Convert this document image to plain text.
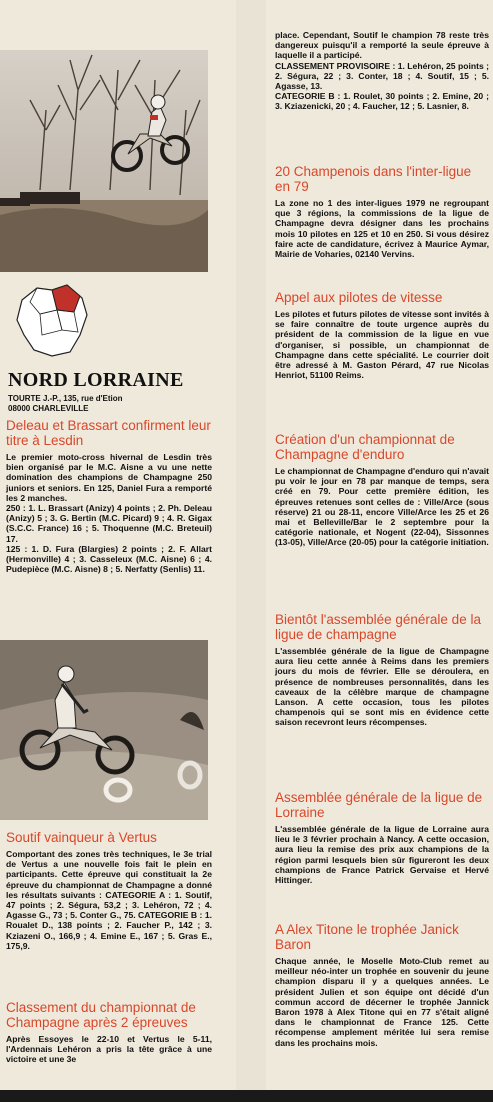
NORD LORRAINE
TOURTE J.-P., 135, rue d'Etion
08000 CHARLEVILLE
Deleau et Brassart confirment leur titre à Lesdin

Le premier moto-cross hivernal de Lesdin très bien organisé par le M.C. Aisne a vu une nette domination des champions de Champagne 250 juniors et seniors. En 125, Daniel Fura a remporté les 2 manches.

250 : 1. L. Brassart (Anizy) 4 points ; 2. Ph. Deleau (Anizy) 5 ; 3. G. Bertin (M.C. Picard) 9 ; 4. R. Gigax (S.C.C. France) 16 ; 5. Thoquenne (M.C. Breteuil) 17.

125 : 1. D. Fura (Blargies) 2 points ; 2. F. Allart (Hermonville) 4 ; 3. Casseleux (M.C. Aisne) 6 ; 4. Pudepièce (M.C. Aisne) 8 ; 5. Nerfatty (Senlis) 11.

Soutif vainqueur à Vertus

Comportant des zones très techniques, le 3e trial de Vertus a une nouvelle fois fait le plein en participants. Cette épreuve qui constituait la 2e épreuve du championnat de Champagne a donné les résultats suivants : CATEGORIE A : 1. Soutif, 47 points ; 2. Ségura, 53,2 ; 3. Lehéron, 72 ; 4. Agasse G., 73 ; 5. Conter G., 75. CATEGORIE B : 1. Roualet D., 138 points ; 2. Faucher P., 142 ; 3. Kziazeni O., 166,9 ; 4. Emine E., 167 ; 5. Gras E., 175,9.

Classement du championnat de Champagne après 2 épreuves

Après Essoyes le 22-10 et Vertus le 5-11, l'Ardennais Lehéron a pris la tête grâce à une victoire et une 3e

place. Cependant, Soutif le champion 78 reste très dangereux puisqu'il a remporté la seule épreuve à laquelle il a participé.

CLASSEMENT PROVISOIRE : 1. Lehéron, 25 points ; 2. Ségura, 22 ; 3. Conter, 18 ; 4. Soutif, 15 ; 5. Agasse, 13.

CATEGORIE B : 1. Roulet, 30 points ; 2. Emine, 20 ; 3. Kziazenicki, 20 ; 4. Faucher, 12 ; 5. Lasnier, 8.

20 Champenois dans l'inter-ligue en 79

La zone no 1 des inter-ligues 1979 ne regroupant que 3 régions, la commissions de la ligue de Champagne devra désigner dans les prochains mois 10 pilotes en 125 et 10 en 250. Si vous désirez faire acte de candidature, écrivez à Maurice Aymar, Mairie de Voharies, 02140 Vervins.

Appel aux pilotes de vitesse

Les pilotes et futurs pilotes de vitesse sont invités à se faire connaître de toute urgence auprès du président de la commission de la ligue en vue d'organiser, si possible, un championnat de Champagne dans cette spécialité. Le courrier doit être adressé à M. Gaston Pérard, 47 rue Nicolas Henriot, 51100 Reims.

Création d'un championnat de Champagne d'enduro

Le championnat de Champagne d'enduro qui n'avait pu voir le jour en 78 par manque de temps, sera créé en 79. Pour cette première édition, les épreuves retenues sont celles de : Ville/Arce (sous réserve) 21 ou 28-11, encore Ville/Arce les 25 et 26 mai et Belleville/Bar le 2 septembre pour la catégorie nationale, et Nogent (22-04), Sissonnes (13-05), Ville/Arce (20-05) pour la catégorie initiation.

Bientôt l'assemblée générale de la ligue de champagne

L'assemblée générale de la ligue de Champagne aura lieu cette année à Reims dans les premiers jours du mois de février. Elle se déroulera, en présence de nombreuses personnalités, dans les caveaux de la célèbre marque de champagne Lanson. A cette occasion, tous les pilotes champenois qui se sont mis en évidence cette saison recevront leurs récompenses.

Assemblée générale de la ligue de Lorraine

L'assemblée générale de la ligue de Lorraine aura lieu le 3 février prochain à Nancy. A cette occasion, aura lieu la remise des prix aux champions de la région parmi lesquels bien sûr figureront les deux champions de France Patrick Gervaise et Hervé Hittinger.

A Alex Titone le trophée Janick Baron

Chaque année, le Moselle Moto-Club remet au meilleur néo-inter un trophée en souvenir du jeune champion disparu il y a quelques années. Le président Julien et son équipe ont décidé d'un commun accord de décerner le trophée Jannick Baron 1978 à Alex Titone qui en 77 s'était aligné dans le championnat de France 125. Cette récompense amplement méritée lui sera remise dans les prochains mois.
